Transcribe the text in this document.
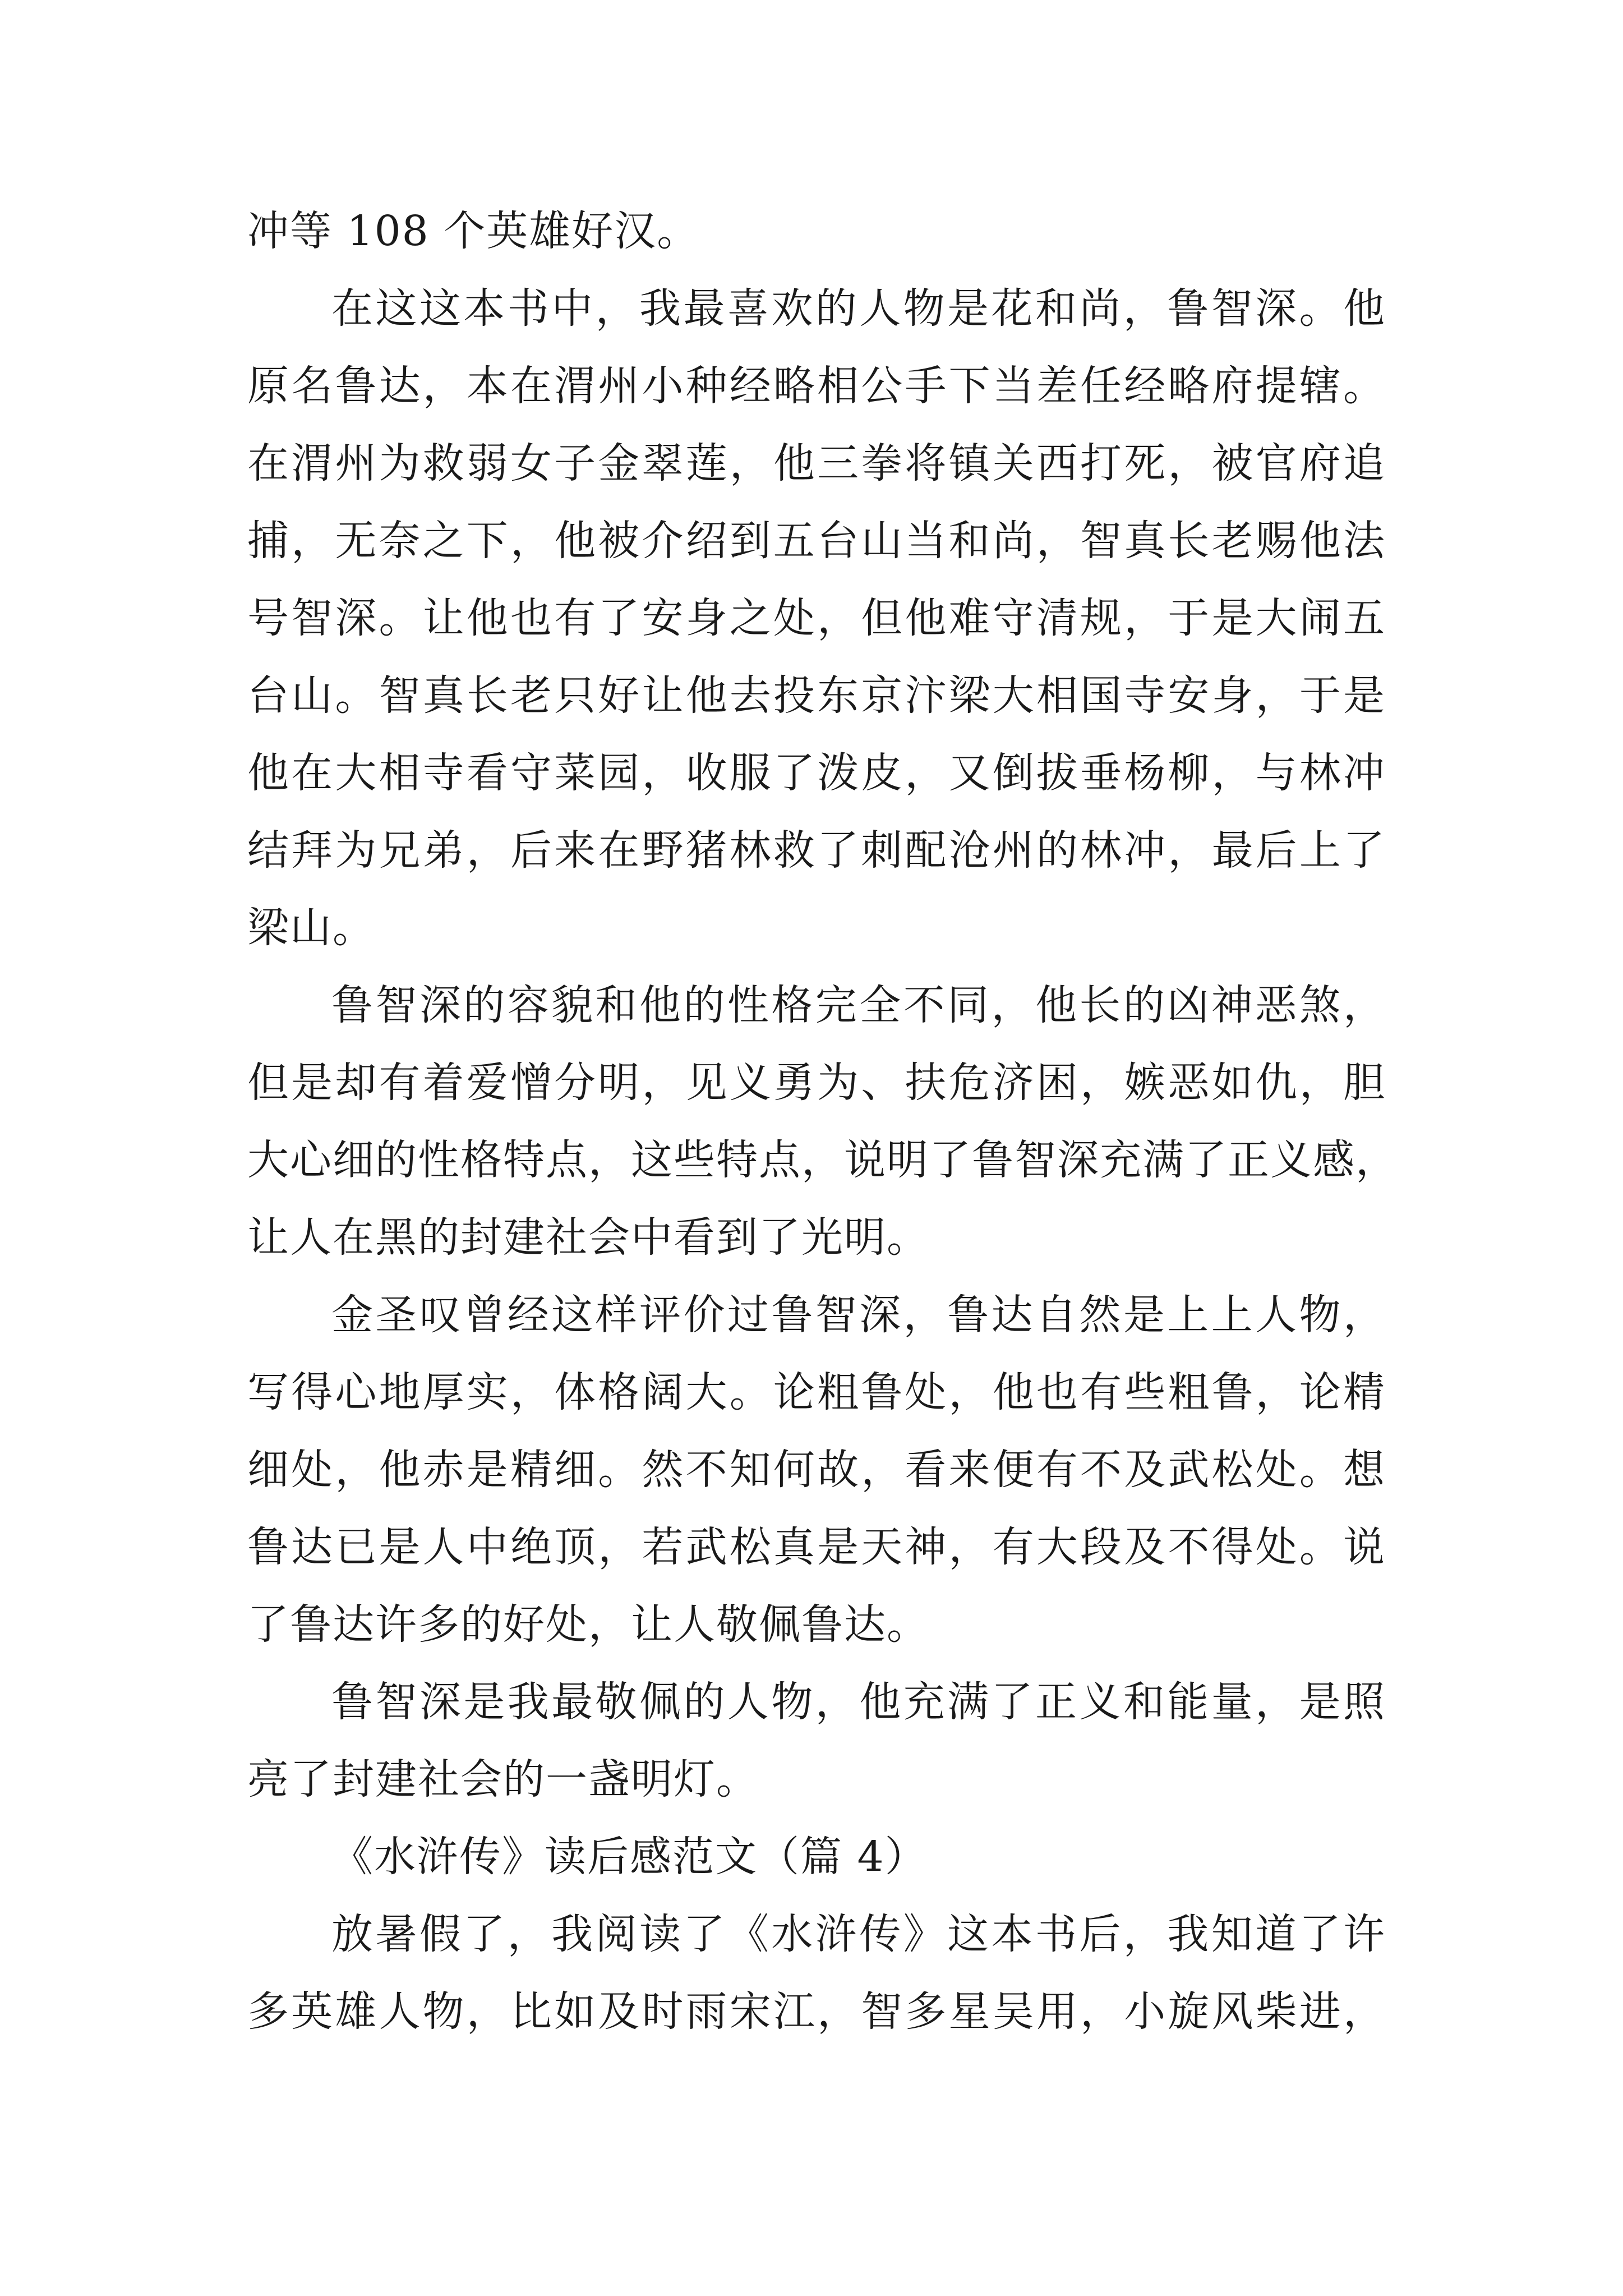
冲等 108 个英雄好汉。
在这这本书中，我最喜欢的人物是花和尚，鲁智深。他
原名鲁达，本在渭州小种经略相公手下当差任经略府提辖。
在渭州为救弱女子金翠莲，他三拳将镇关西打死，被官府追
捕，无奈之下，他被介绍到五台山当和尚，智真长老赐他法
号智深。让他也有了安身之处，但他难守清规，于是大闹五
台山。智真长老只好让他去投东京汴梁大相国寺安身，于是
他在大相寺看守菜园，收服了泼皮，又倒拔垂杨柳，与林冲
结拜为兄弟，后来在野猪林救了刺配沧州的林冲，最后上了
梁山。
鲁智深的容貌和他的性格完全不同，他长的凶神恶煞，
但是却有着爱憎分明，见义勇为、扶危济困，嫉恶如仇，胆
大心细的性格特点，这些特点，说明了鲁智深充满了正义感，
让人在黑的封建社会中看到了光明。
金圣叹曾经这样评价过鲁智深，鲁达自然是上上人物，
写得心地厚实，体格阔大。论粗鲁处，他也有些粗鲁，论精
细处，他赤是精细。然不知何故，看来便有不及武松处。想
鲁达已是人中绝顶，若武松真是天神，有大段及不得处。说
了鲁达许多的好处，让人敬佩鲁达。
鲁智深是我最敬佩的人物，他充满了正义和能量，是照
亮了封建社会的一盏明灯。
《水浒传》读后感范文（篇 4）
放暑假了，我阅读了《水浒传》这本书后，我知道了许
多英雄人物，比如及时雨宋江，智多星吴用，小旋风柴进，
